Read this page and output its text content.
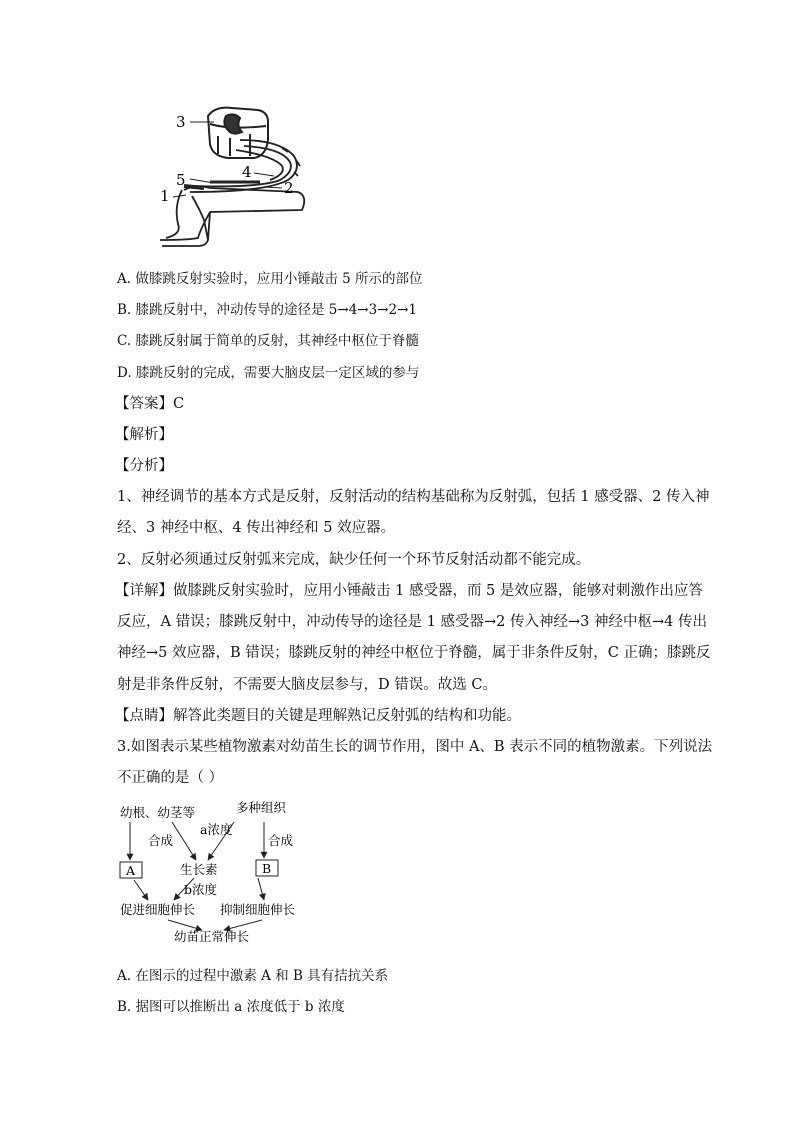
3
4
5
1	2
A. 做膝跳反射实验时，应用小锤敲击 5 所示的部位
B. 膝跳反射中，冲动传导的途径是 5→4→3→2→1
C. 膝跳反射属于简单的反射，其神经中枢位于脊髓
D. 膝跳反射的完成，需要大脑皮层一定区域的参与
【答案】C
【解析】
【分析】
1、神经调节的基本方式是反射，反射活动的结构基础称为反射弧，包括 1 感受器、2 传入神
经、3 神经中枢、4 传出神经和 5 效应器。
2、反射必须通过反射弧来完成，缺少任何一个环节反射活动都不能完成。
【详解】做膝跳反射实验时，应用小锤敲击 1 感受器，而 5 是效应器，能够对刺激作出应答
反应，A 错误；膝跳反射中，冲动传导的途径是 1 感受器→2 传入神经→3 神经中枢→4 传出
神经→5 效应器，B 错误；膝跳反射的神经中枢位于脊髓，属于非条件反射，C 正确；膝跳反
射是非条件反射，不需要大脑皮层参与，D 错误。故选 C。
【点睛】解答此类题目的关键是理解熟记反射弧的结构和功能。
3.如图表示某些植物激素对幼苗生长的调节作用，图中 A、B 表示不同的植物激素。下列说法
不正确的是（ ）
幼根、幼茎等	多种组织
合成
a浓度
合成
A	生长素	B
b浓度
促进细胞伸长 抑制细胞伸长
幼苗正常伸长
A. 在图示的过程中激素 A 和 B 具有拮抗关系
B. 据图可以推断出 a 浓度低于 b 浓度
